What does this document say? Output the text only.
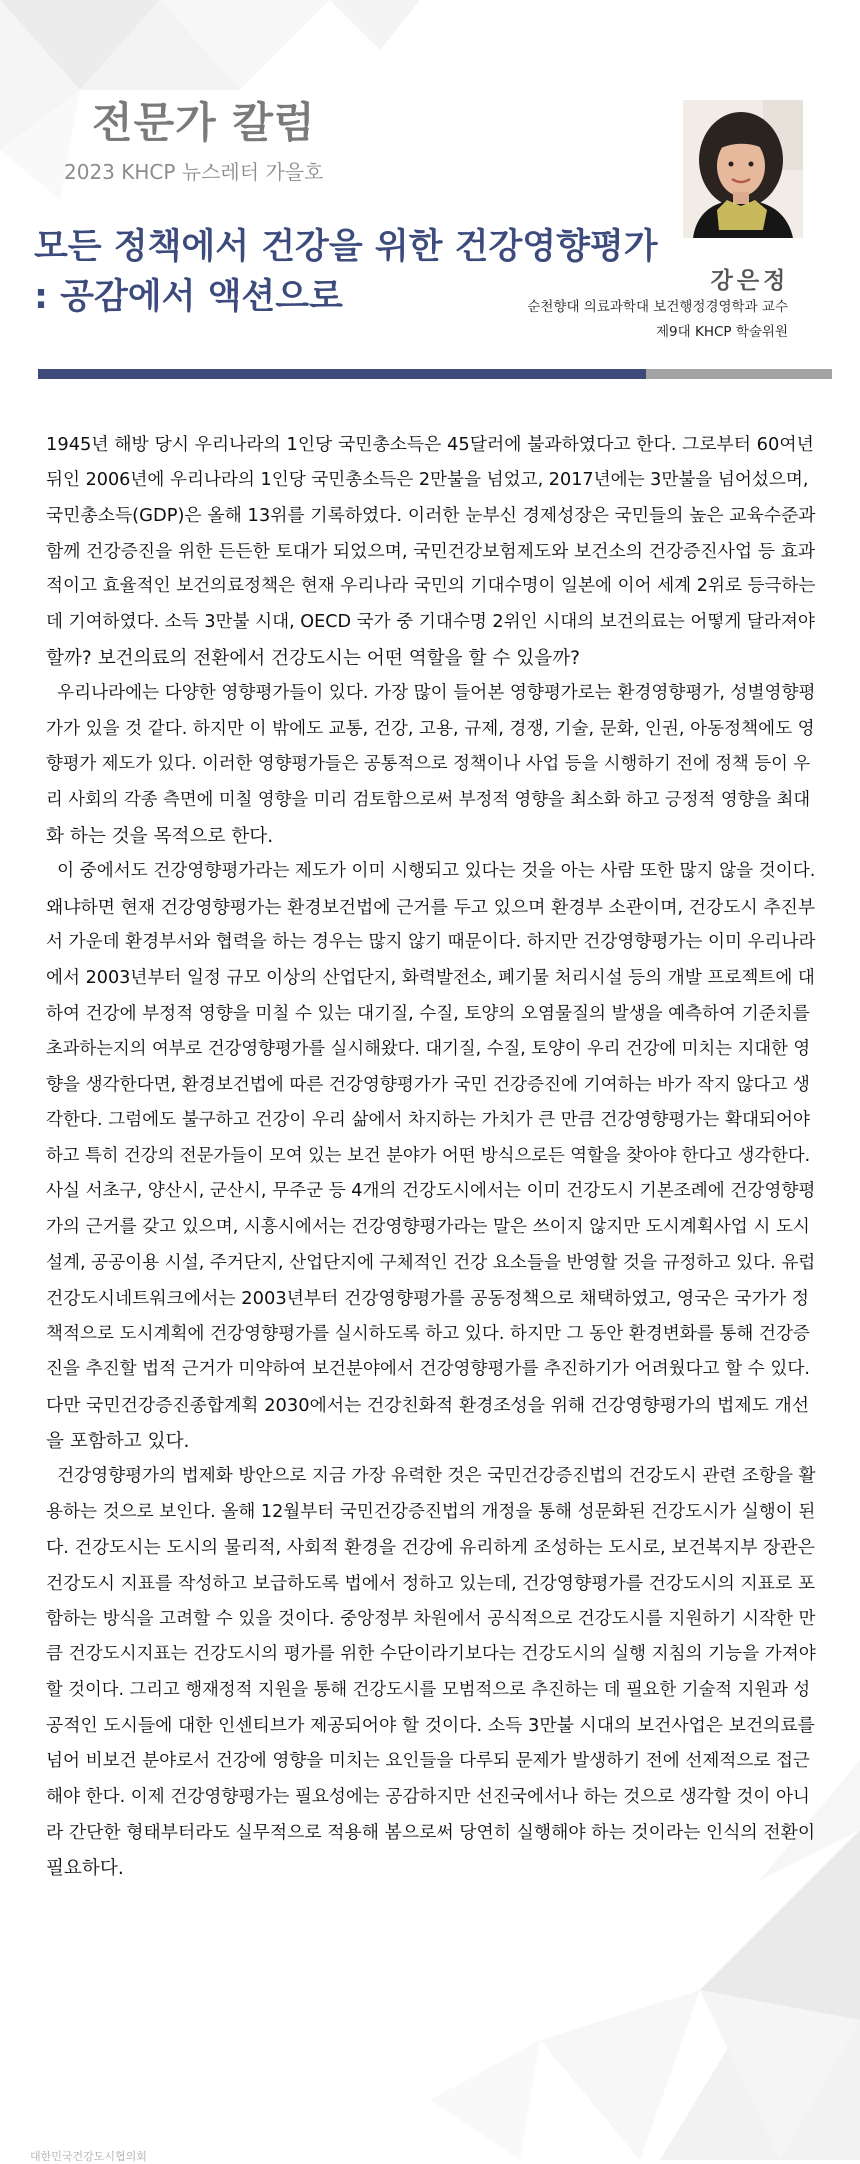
전문가 칼럼

2023 KHCP 뉴스레터 가을호

모든 정책에서 건강을 위한 건강영향평가
: 공감에서 액션으로	강은정

순천향대 의료과학대 보건행정경영학과 교수
제9대 KHCP 학술위원

1945년 해방 당시 우리나라의 1인당 국민총소득은 45달러에 불과하였다고 한다. 그로부터 60여년
뒤인 2006년에 우리나라의 1인당 국민총소득은 2만불을 넘었고, 2017년에는 3만불을 넘어섰으며,
국민총소득(GDP)은 올해 13위를 기록하였다. 이러한 눈부신 경제성장은 국민들의 높은 교육수준과
함께 건강증진을 위한 든든한 토대가 되었으며, 국민건강보험제도와 보건소의 건강증진사업 등 효과
적이고 효율적인 보건의료정책은 현재 우리나라 국민의 기대수명이 일본에 이어 세계 2위로 등극하는
데 기여하였다. 소득 3만불 시대, OECD 국가 중 기대수명 2위인 시대의 보건의료는 어떻게 달라져야
할까? 보건의료의 전환에서 건강도시는 어떤 역할을 할 수 있을까?
우리나라에는 다양한 영향평가들이 있다. 가장 많이 들어본 영향평가로는 환경영향평가, 성별영향평
가가 있을 것 같다. 하지만 이 밖에도 교통, 건강, 고용, 규제, 경쟁, 기술, 문화, 인권, 아동정책에도 영
향평가 제도가 있다. 이러한 영향평가들은 공통적으로 정책이나 사업 등을 시행하기 전에 정책 등이 우
리 사회의 각종 측면에 미칠 영향을 미리 검토함으로써 부정적 영향을 최소화 하고 긍정적 영향을 최대
화 하는 것을 목적으로 한다.
이 중에서도 건강영향평가라는 제도가 이미 시행되고 있다는 것을 아는 사람 또한 많지 않을 것이다.
왜냐하면 현재 건강영향평가는 환경보건법에 근거를 두고 있으며 환경부 소관이며, 건강도시 추진부
서 가운데 환경부서와 협력을 하는 경우는 많지 않기 때문이다. 하지만 건강영향평가는 이미 우리나라
에서 2003년부터 일정 규모 이상의 산업단지, 화력발전소, 폐기물 처리시설 등의 개발 프로젝트에 대
하여 건강에 부정적 영향을 미칠 수 있는 대기질, 수질, 토양의 오염물질의 발생을 예측하여 기준치를
초과하는지의 여부로 건강영향평가를 실시해왔다. 대기질, 수질, 토양이 우리 건강에 미치는 지대한 영
향을 생각한다면, 환경보건법에 따른 건강영향평가가 국민 건강증진에 기여하는 바가 작지 않다고 생
각한다. 그럼에도 불구하고 건강이 우리 삶에서 차지하는 가치가 큰 만큼 건강영향평가는 확대되어야
하고 특히 건강의 전문가들이 모여 있는 보건 분야가 어떤 방식으로든 역할을 찾아야 한다고 생각한다.
사실 서초구, 양산시, 군산시, 무주군 등 4개의 건강도시에서는 이미 건강도시 기본조례에 건강영향평
가의 근거를 갖고 있으며, 시흥시에서는 건강영향평가라는 말은 쓰이지 않지만 도시계획사업 시 도시
설계, 공공이용 시설, 주거단지, 산업단지에 구체적인 건강 요소들을 반영할 것을 규정하고 있다. 유럽
건강도시네트워크에서는 2003년부터 건강영향평가를 공동정책으로 채택하였고, 영국은 국가가 정
책적으로 도시계획에 건강영향평가를 실시하도록 하고 있다. 하지만 그 동안 환경변화를 통해 건강증
진을 추진할 법적 근거가 미약하여 보건분야에서 건강영향평가를 추진하기가 어려웠다고 할 수 있다.
다만 국민건강증진종합계획 2030에서는 건강친화적 환경조성을 위해 건강영향평가의 법제도 개선
을 포함하고 있다.
건강영향평가의 법제화 방안으로 지금 가장 유력한 것은 국민건강증진법의 건강도시 관련 조항을 활
용하는 것으로 보인다. 올해 12월부터 국민건강증진법의 개정을 통해 성문화된 건강도시가 실행이 된
다. 건강도시는 도시의 물리적, 사회적 환경을 건강에 유리하게 조성하는 도시로, 보건복지부 장관은
건강도시 지표를 작성하고 보급하도록 법에서 정하고 있는데, 건강영향평가를 건강도시의 지표로 포
함하는 방식을 고려할 수 있을 것이다. 중앙정부 차원에서 공식적으로 건강도시를 지원하기 시작한 만
큼 건강도시지표는 건강도시의 평가를 위한 수단이라기보다는 건강도시의 실행 지침의 기능을 가져야
할 것이다. 그리고 행재정적 지원을 통해 건강도시를 모범적으로 추진하는 데 필요한 기술적 지원과 성
공적인 도시들에 대한 인센티브가 제공되어야 할 것이다. 소득 3만불 시대의 보건사업은 보건의료를
넘어 비보건 분야로서 건강에 영향을 미치는 요인들을 다루되 문제가 발생하기 전에 선제적으로 접근
해야 한다. 이제 건강영향평가는 필요성에는 공감하지만 선진국에서나 하는 것으로 생각할 것이 아니
라 간단한 형태부터라도 실무적으로 적용해 봄으로써 당연히 실행해야 하는 것이라는 인식의 전환이
필요하다.

대한민국건강도시협의회
